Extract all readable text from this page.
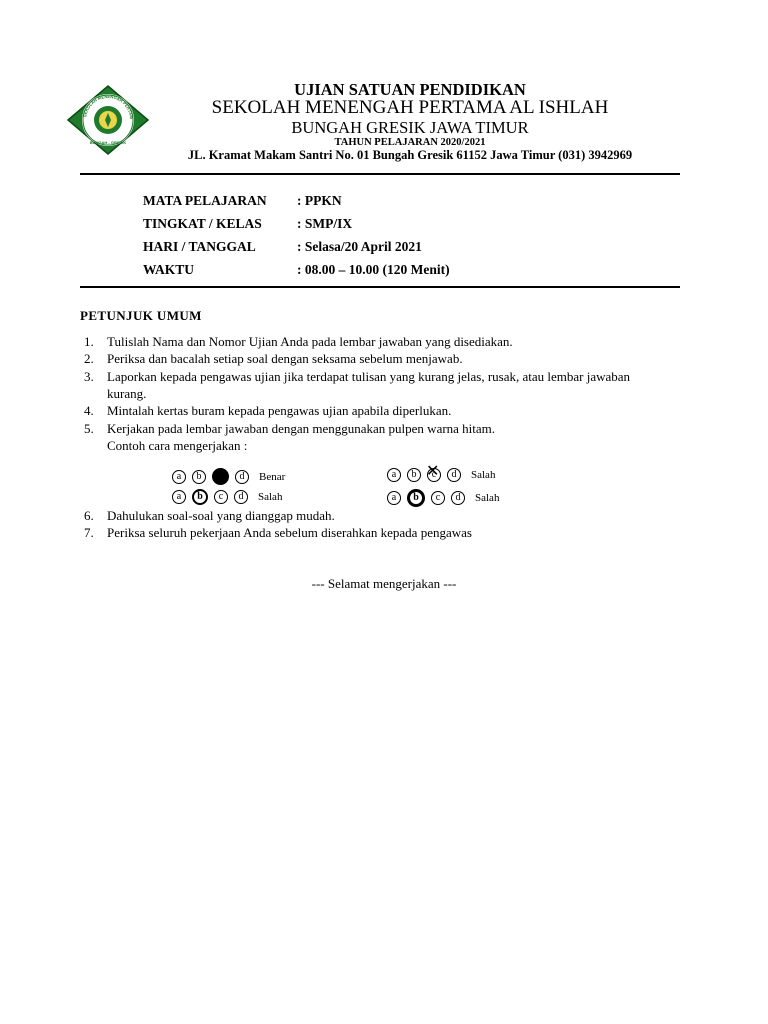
SEKOLAH MENENGAH PERTAM
BUNGAH - GRESIK
UJIAN SATUAN PENDIDIKAN
SEKOLAH MENENGAH PERTAMA AL ISHLAH
BUNGAH GRESIK JAWA TIMUR
TAHUN PELAJARAN 2020/2021
JL. Kramat Makam Santri No. 01 Bungah Gresik 61152 Jawa Timur (031) 3942969
MATA PELAJARAN	: PPKN
TINGKAT / KELAS	: SMP/IX
HARI / TANGGAL	: Selasa/20 April 2021
WAKTU	: 08.00 – 10.00 (120 Menit)
PETUNJUK UMUM
1. Tulislah Nama dan Nomor Ujian Anda pada lembar jawaban yang disediakan.
2. Periksa dan bacalah setiap soal dengan seksama sebelum menjawab.
3. Laporkan kepada pengawas ujian jika terdapat tulisan yang kurang jelas, rusak, atau lembar jawaban kurang.
4. Mintalah kertas buram kepada pengawas ujian apabila diperlukan.
5. Kerjakan pada lembar jawaban dengan menggunakan pulpen warna hitam.
Contoh cara mengerjakan :
a	b	d	Benar	a	b	c ✕	d	Salah
a	b	c	d	Salah	a	b	c	d	Salah
6. Dahulukan soal-soal yang dianggap mudah.
7. Periksa seluruh pekerjaan Anda sebelum diserahkan kepada pengawas
--- Selamat mengerjakan ---
